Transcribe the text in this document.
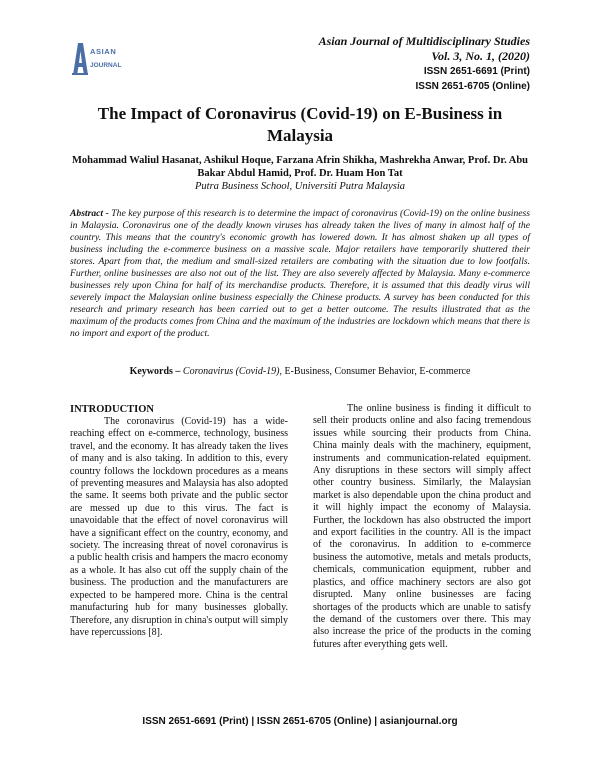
ASIAN
JOURNAL
Asian Journal of Multidisciplinary Studies
Vol. 3, No. 1, (2020)
ISSN 2651-6691 (Print)
ISSN 2651-6705 (Online)
The Impact of Coronavirus (Covid-19) on E-Business in Malaysia
Mohammad Waliul Hasanat, Ashikul Hoque, Farzana Afrin Shikha, Mashrekha Anwar, Prof. Dr. Abu Bakar Abdul Hamid, Prof. Dr. Huam Hon Tat
Putra Business School, Universiti Putra Malaysia

Abstract - The key purpose of this research is to determine the impact of coronavirus (Covid-19) on the online business in Malaysia. Coronavirus one of the deadly known viruses has already taken the lives of many in almost half of the country. This means that the country's economic growth has lowered down. It has almost shaken up all types of business including the e-commerce business on a massive scale. Major retailers have temporarily shuttered their stores. Apart from that, the medium and small-sized retailers are combating with the situation due to low footfalls. Further, online businesses are also not out of the list. They are also severely affected by Malaysia. Many e-commerce businesses rely upon China for half of its merchandise products. Therefore, it is assumed that this deadly virus will severely impact the Malaysian online business especially the Chinese products. A survey has been conducted for this research and primary research has been carried out to get a better outcome. The results illustrated that as the maximum of the products comes from China and the maximum of the industries are lockdown which means that there is no import and export of the product.

Keywords – Coronavirus (Covid-19), E-Business, Consumer Behavior, E-commerce
INTRODUCTION

The coronavirus (Covid-19) has a wide-reaching effect on e-commerce, technology, business travel, and the economy. It has already taken the lives of many and is also taking. In addition to this, every country follows the lockdown procedures as a means of preventing measures and Malaysia has also adopted the same. It seems both private and the public sector are messed up due to this virus. The fact is unavoidable that the effect of novel coronavirus will have a significant effect on the country, economy, and society. The increasing threat of novel coronavirus is a public health crisis and hampers the macro economy as a whole. It has also cut off the supply chain of the business. The production and the manufacturers are expected to be hampered more. China is the central manufacturing hub for many businesses globally. Therefore, any disruption in china's output will simply have repercussions [8].

The online business is finding it difficult to sell their products online and also facing tremendous issues while sourcing their products from China. China mainly deals with the machinery, equipment, instruments and communication-related equipment. Any disruptions in these sectors will simply affect other country business. Similarly, the Malaysian market is also dependable upon the china product and it will highly impact the economy of Malaysia. Further, the lockdown has also obstructed the import and export facilities in the country. All is the impact of the coronavirus. In addition to e-commerce business the automotive, metals and metals products, chemicals, communication equipment, rubber and plastics, and office machinery sectors are also got disrupted. Many online businesses are facing shortages of the products which are unable to satisfy the demand of the customers over there. This may also increase the price of the products in the coming futures after everything gets well.

ISSN 2651-6691 (Print) | ISSN 2651-6705 (Online) | asianjournal.org
